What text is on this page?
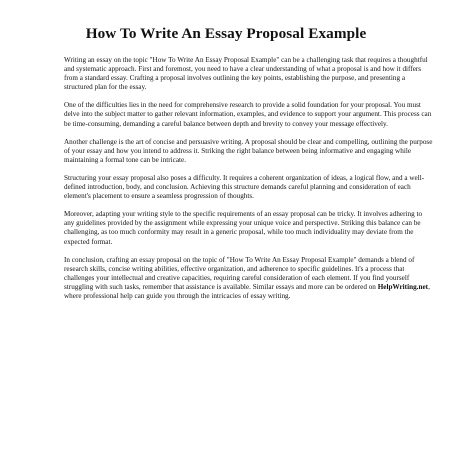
How To Write An Essay Proposal Example

Writing an essay on the topic "How To Write An Essay Proposal Example" can be a challenging task that requires a thoughtful and systematic approach. First and foremost, you need to have a clear understanding of what a proposal is and how it differs from a standard essay. Crafting a proposal involves outlining the key points, establishing the purpose, and presenting a structured plan for the essay.

One of the difficulties lies in the need for comprehensive research to provide a solid foundation for your proposal. You must delve into the subject matter to gather relevant information, examples, and evidence to support your argument. This process can be time-consuming, demanding a careful balance between depth and brevity to convey your message effectively.

Another challenge is the art of concise and persuasive writing. A proposal should be clear and compelling, outlining the purpose of your essay and how you intend to address it. Striking the right balance between being informative and engaging while maintaining a formal tone can be intricate.

Structuring your essay proposal also poses a difficulty. It requires a coherent organization of ideas, a logical flow, and a well-defined introduction, body, and conclusion. Achieving this structure demands careful planning and consideration of each element's placement to ensure a seamless progression of thoughts.

Moreover, adapting your writing style to the specific requirements of an essay proposal can be tricky. It involves adhering to any guidelines provided by the assignment while expressing your unique voice and perspective. Striking this balance can be challenging, as too much conformity may result in a generic proposal, while too much individuality may deviate from the expected format.

In conclusion, crafting an essay proposal on the topic of "How To Write An Essay Proposal Example" demands a blend of research skills, concise writing abilities, effective organization, and adherence to specific guidelines. It's a process that challenges your intellectual and creative capacities, requiring careful consideration of each element. If you find yourself struggling with such tasks, remember that assistance is available. Similar essays and more can be ordered on HelpWriting.net, where professional help can guide you through the intricacies of essay writing.
